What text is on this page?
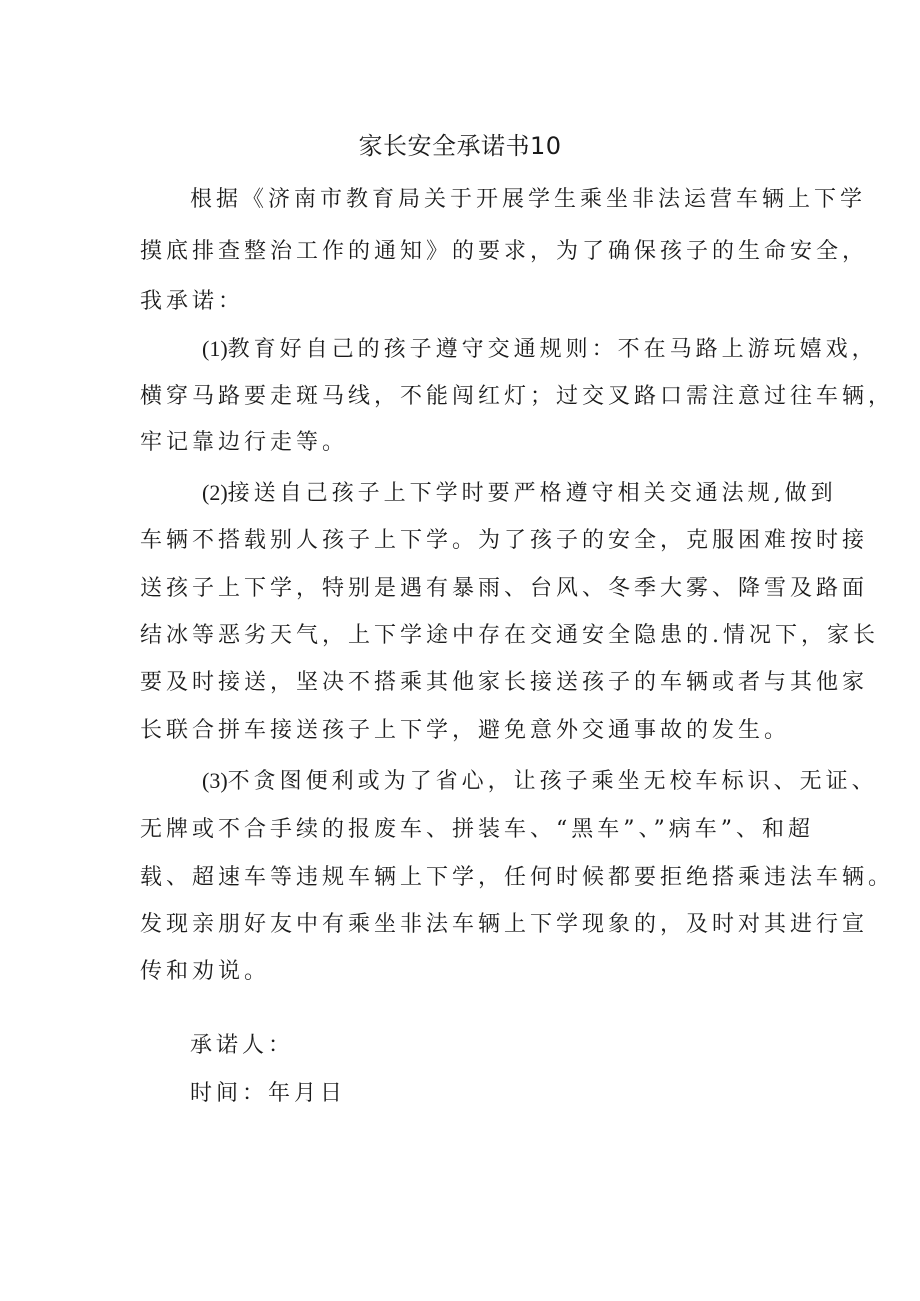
家长安全承诺书10
根据《济南市教育局关于开展学生乘坐非法运营车辆上下学
摸底排查整治工作的通知》的要求，为了确保孩子的生命安全，
我承诺：
(1)教育好自己的孩子遵守交通规则：不在马路上游玩嬉戏，
横穿马路要走斑马线，不能闯红灯；过交叉路口需注意过往车辆，
牢记靠边行走等。
(2)接送自己孩子上下学时要严格遵守相关交通法规,做到
车辆不搭载别人孩子上下学。为了孩子的安全，克服困难按时接
送孩子上下学，特别是遇有暴雨、台风、冬季大雾、降雪及路面
结冰等恶劣天气，上下学途中存在交通安全隐患的.情况下，家长
要及时接送，坚决不搭乘其他家长接送孩子的车辆或者与其他家
长联合拼车接送孩子上下学，避免意外交通事故的发生。
(3)不贪图便利或为了省心，让孩子乘坐无校车标识、无证、
无牌或不合手续的报废车、拼装车、“黑车”、”病车”、和超
载、超速车等违规车辆上下学，任何时候都要拒绝搭乘违法车辆。
发现亲朋好友中有乘坐非法车辆上下学现象的，及时对其进行宣
传和劝说。
承诺人：
时间：年月日
